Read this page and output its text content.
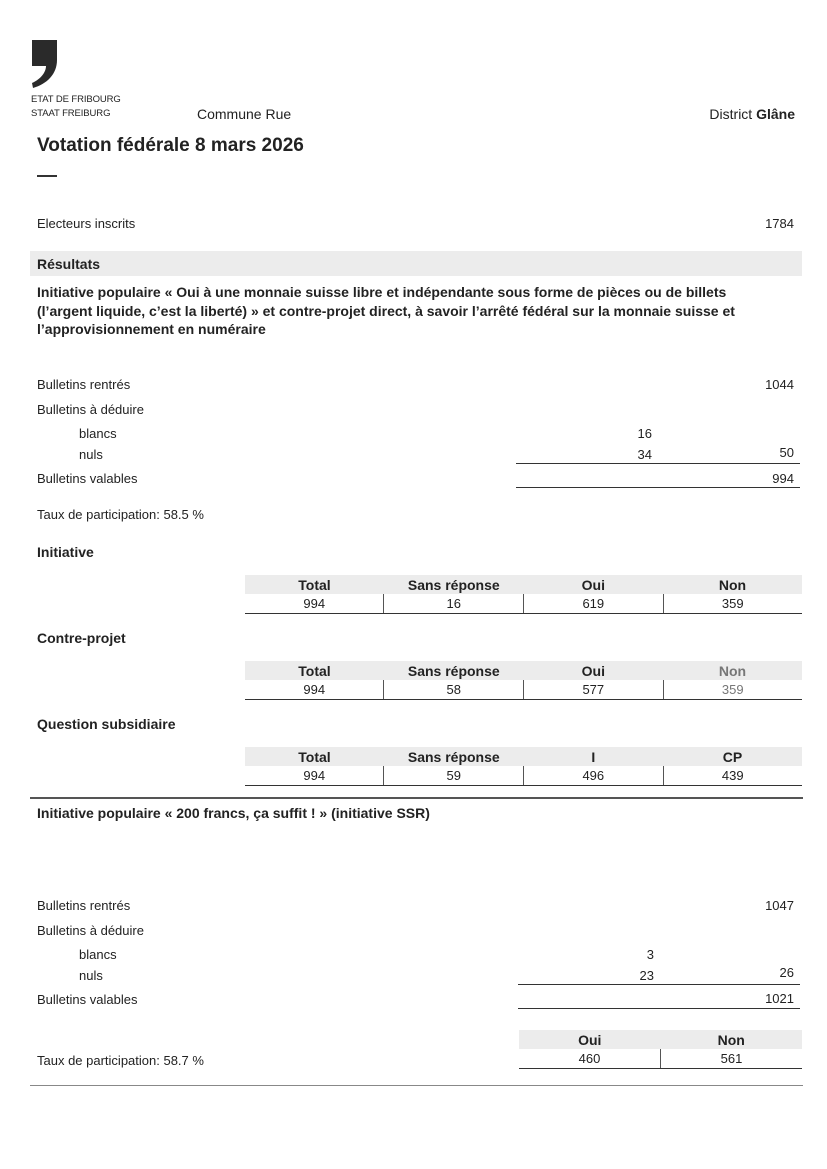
ETAT DE FRIBOURG
STAAT FREIBURG	Commune Rue	District Glâne
Votation fédérale 8 mars 2026
Electeurs inscrits	1784
Résultats
Initiative populaire « Oui à une monnaie suisse libre et indépendante sous forme de pièces ou de billets
(l’argent liquide, c’est la liberté) » et contre-projet direct, à savoir l’arrêté fédéral sur la monnaie suisse et
l’approvisionnement en numéraire
Bulletins rentrés	1044
Bulletins à déduire
blancs	16
nuls	34	50
Bulletins valables	994
Taux de participation: 58.5 %
Initiative
Total	Sans réponse	Oui	Non
994	16	619	359
Contre-projet
Total	Sans réponse	Oui	Non
994	58	577	359
Question subsidiaire
Total	Sans réponse	I	CP
994	59	496	439
Initiative populaire « 200 francs, ça suffit ! » (initiative SSR)
Bulletins rentrés	1047
Bulletins à déduire
blancs	3
nuls	23	26
Bulletins valables	1021
Oui	Non
460	561
Taux de participation: 58.7 %
